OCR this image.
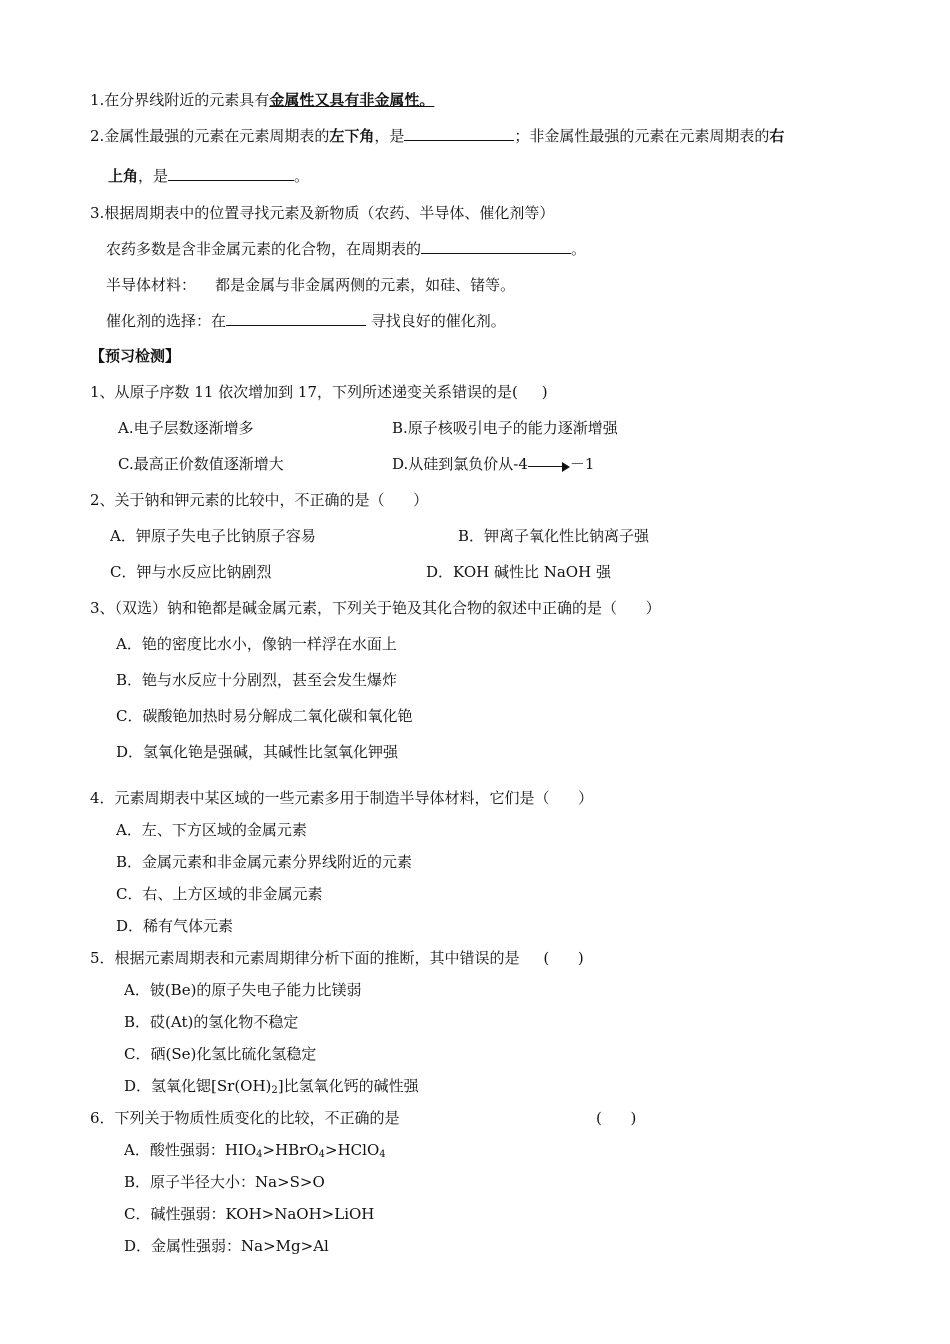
1.在分界线附近的元素具有金属性又具有非金属性。
2.金属性最强的元素在元素周期表的左下角，是	；非金属性最强的元素在元素周期表的右
上角，是	。
3.根据周期表中的位置寻找元素及新物质（农药、半导体、催化剂等）
农药多数是含非金属元素的化合物，在周期表的	。
半导体材料：    都是金属与非金属两侧的元素，如硅、锗等。
催化剂的选择：在	寻找良好的催化剂。
【预习检测】
1、从原子序数 11 依次增加到 17，下列所述递变关系错误的是(     )
A.电子层数逐渐增多	B.原子核吸引电子的能力逐渐增强
C.最高正价数值逐渐增大	D.从硅到氯负价从-4	－1
2、关于钠和钾元素的比较中，不正确的是（      ）
A．钾原子失电子比钠原子容易	B．钾离子氧化性比钠离子强
C．钾与水反应比钠剧烈	D．KOH 碱性比 NaOH 强
3、（双选）钠和铯都是碱金属元素，下列关于铯及其化合物的叙述中正确的是（      ）
A．铯的密度比水小，像钠一样浮在水面上
B．铯与水反应十分剧烈，甚至会发生爆炸
C．碳酸铯加热时易分解成二氧化碳和氧化铯
D．氢氧化铯是强碱，其碱性比氢氧化钾强
4．元素周期表中某区域的一些元素多用于制造半导体材料，它们是（      ）
A．左、下方区域的金属元素
B．金属元素和非金属元素分界线附近的元素
C．右、上方区域的非金属元素
D．稀有气体元素
5．根据元素周期表和元素周期律分析下面的推断，其中错误的是     (      )
A．铍(Be)的原子失电子能力比镁弱
B．砹(At)的氢化物不稳定
C．硒(Se)化氢比硫化氢稳定
D．氢氧化锶$[Sr(OH)_2]$比氢氧化钙的碱性强
6．下列关于物质性质变化的比较，不正确的是	(      )
A．酸性强弱：$HIO_4>HBrO_4>HClO_4$
B．原子半径大小：Na>S>O
C．碱性强弱：KOH>NaOH>LiOH
D．金属性强弱：Na>Mg>Al
